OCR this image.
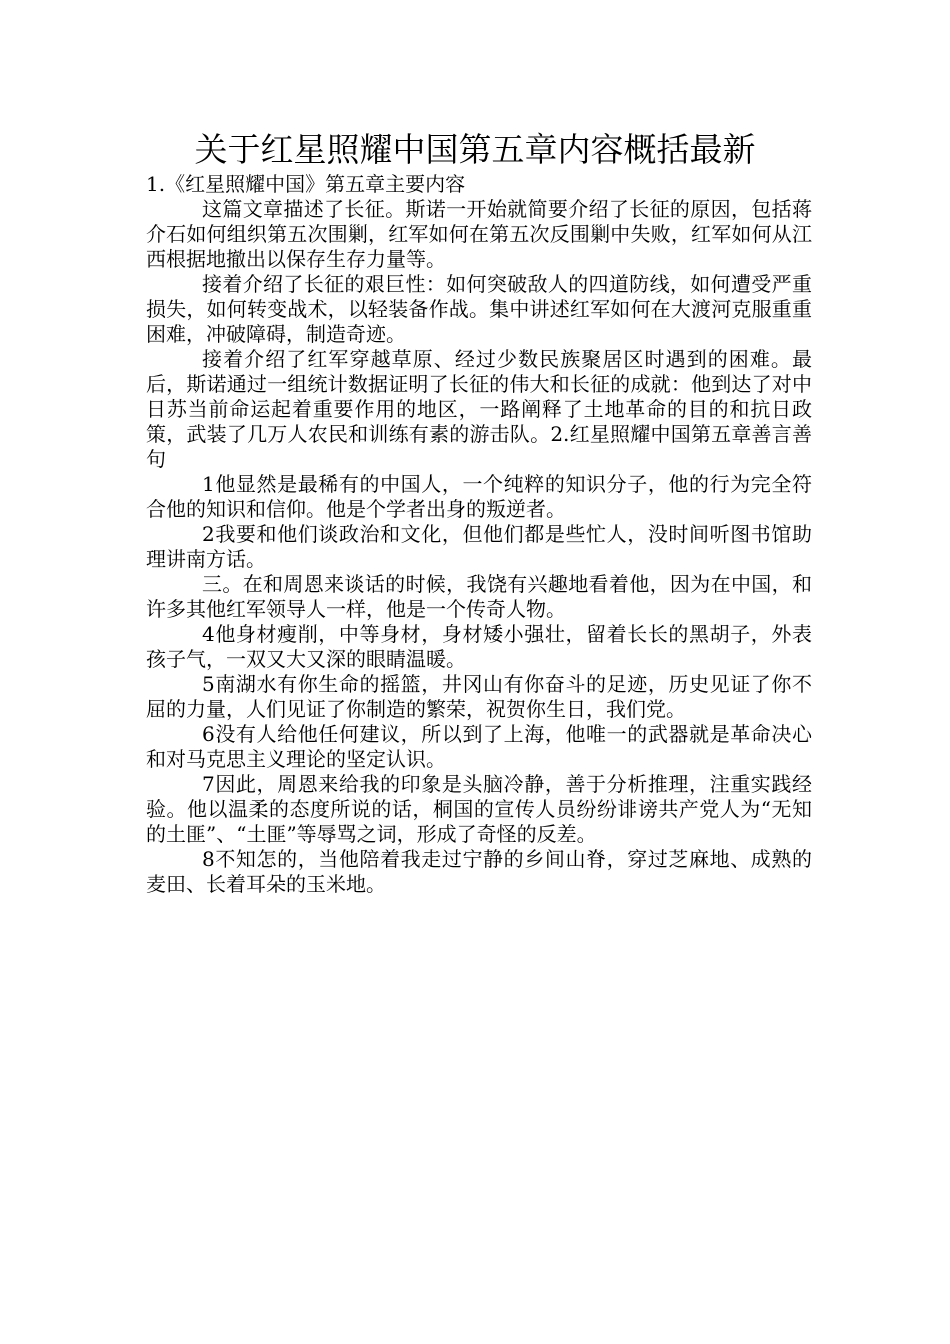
关于红星照耀中国第五章内容概括最新

1.《红星照耀中国》第五章主要内容

这篇文章描述了长征。斯诺一开始就简要介绍了长征的原因，包括蒋介石如何组织第五次围剿，红军如何在第五次反围剿中失败，红军如何从江西根据地撤出以保存生存力量等。

接着介绍了长征的艰巨性：如何突破敌人的四道防线，如何遭受严重损失，如何转变战术，以轻装备作战。集中讲述红军如何在大渡河克服重重困难，冲破障碍，制造奇迹。

接着介绍了红军穿越草原、经过少数民族聚居区时遇到的困难。最后，斯诺通过一组统计数据证明了长征的伟大和长征的成就：他到达了对中日苏当前命运起着重要作用的地区，一路阐释了土地革命的目的和抗日政策，武装了几万人农民和训练有素的游击队。2.红星照耀中国第五章善言善句

1他显然是最稀有的中国人，一个纯粹的知识分子，他的行为完全符合他的知识和信仰。他是个学者出身的叛逆者。

2我要和他们谈政治和文化，但他们都是些忙人，没时间听图书馆助理讲南方话。

三。在和周恩来谈话的时候，我饶有兴趣地看着他，因为在中国，和许多其他红军领导人一样，他是一个传奇人物。

4他身材瘦削，中等身材，身材矮小强壮，留着长长的黑胡子，外表孩子气，一双又大又深的眼睛温暖。

5南湖水有你生命的摇篮，井冈山有你奋斗的足迹，历史见证了你不屈的力量，人们见证了你制造的繁荣，祝贺你生日，我们党。

6没有人给他任何建议，所以到了上海，他唯一的武器就是革命决心和对马克思主义理论的坚定认识。

7因此，周恩来给我的印象是头脑冷静，善于分析推理，注重实践经验。他以温柔的态度所说的话，桐国的宣传人员纷纷诽谤共产党人为“无知的土匪”、“土匪”等辱骂之词，形成了奇怪的反差。

8不知怎的，当他陪着我走过宁静的乡间山脊，穿过芝麻地、成熟的麦田、长着耳朵的玉米地。
